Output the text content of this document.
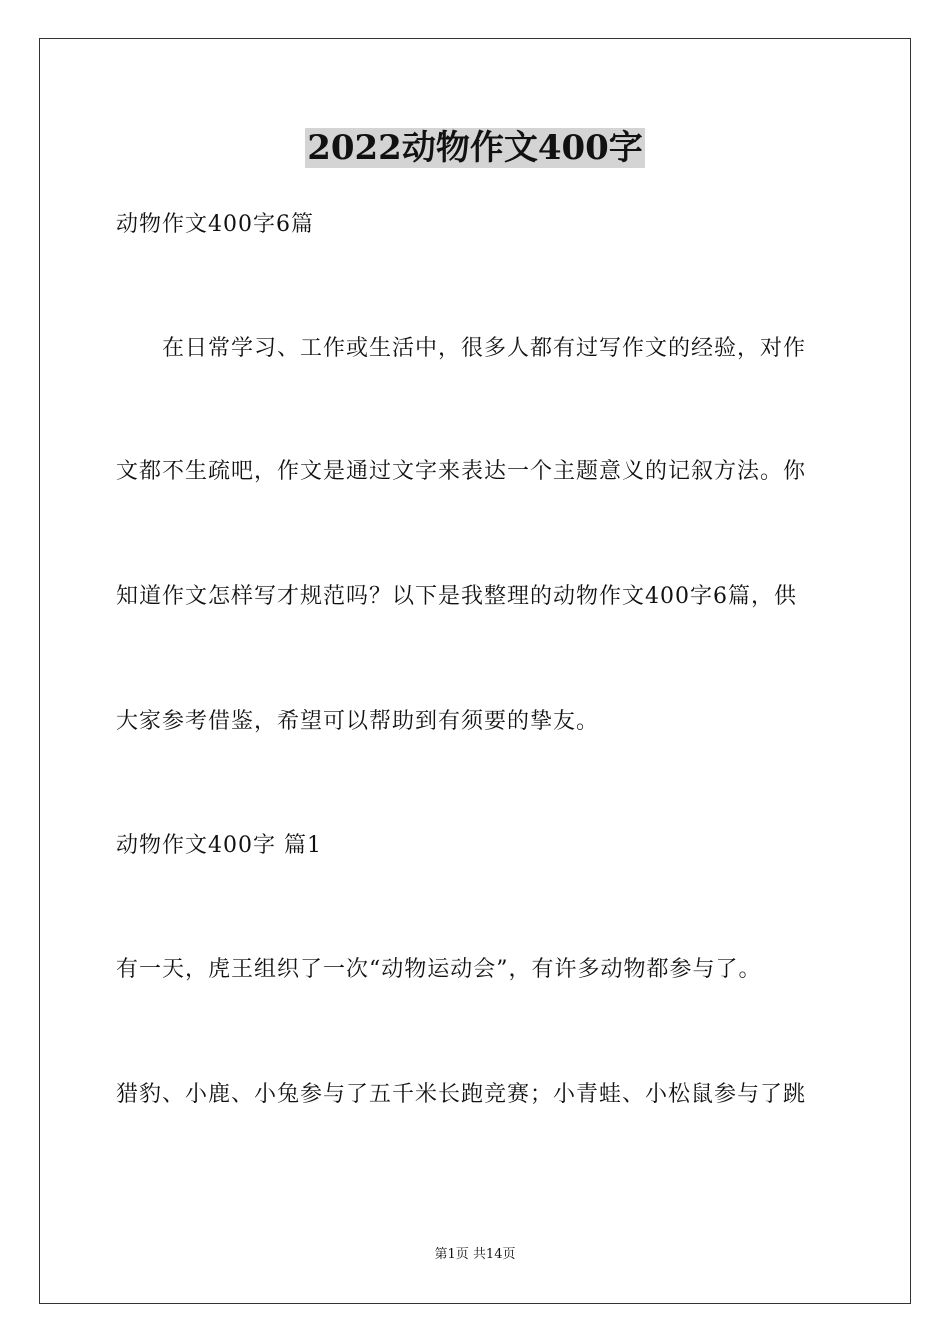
2022动物作文400字
动物作文400字6篇
在日常学习、工作或生活中，很多人都有过写作文的经验，对作
文都不生疏吧，作文是通过文字来表达一个主题意义的记叙方法。你
知道作文怎样写才规范吗？以下是我整理的动物作文400字6篇，供
大家参考借鉴，希望可以帮助到有须要的挚友。
动物作文400字 篇1
有一天，虎王组织了一次“动物运动会”，有许多动物都参与了。
猎豹、小鹿、小兔参与了五千米长跑竞赛；小青蛙、小松鼠参与了跳
第1页 共14页
